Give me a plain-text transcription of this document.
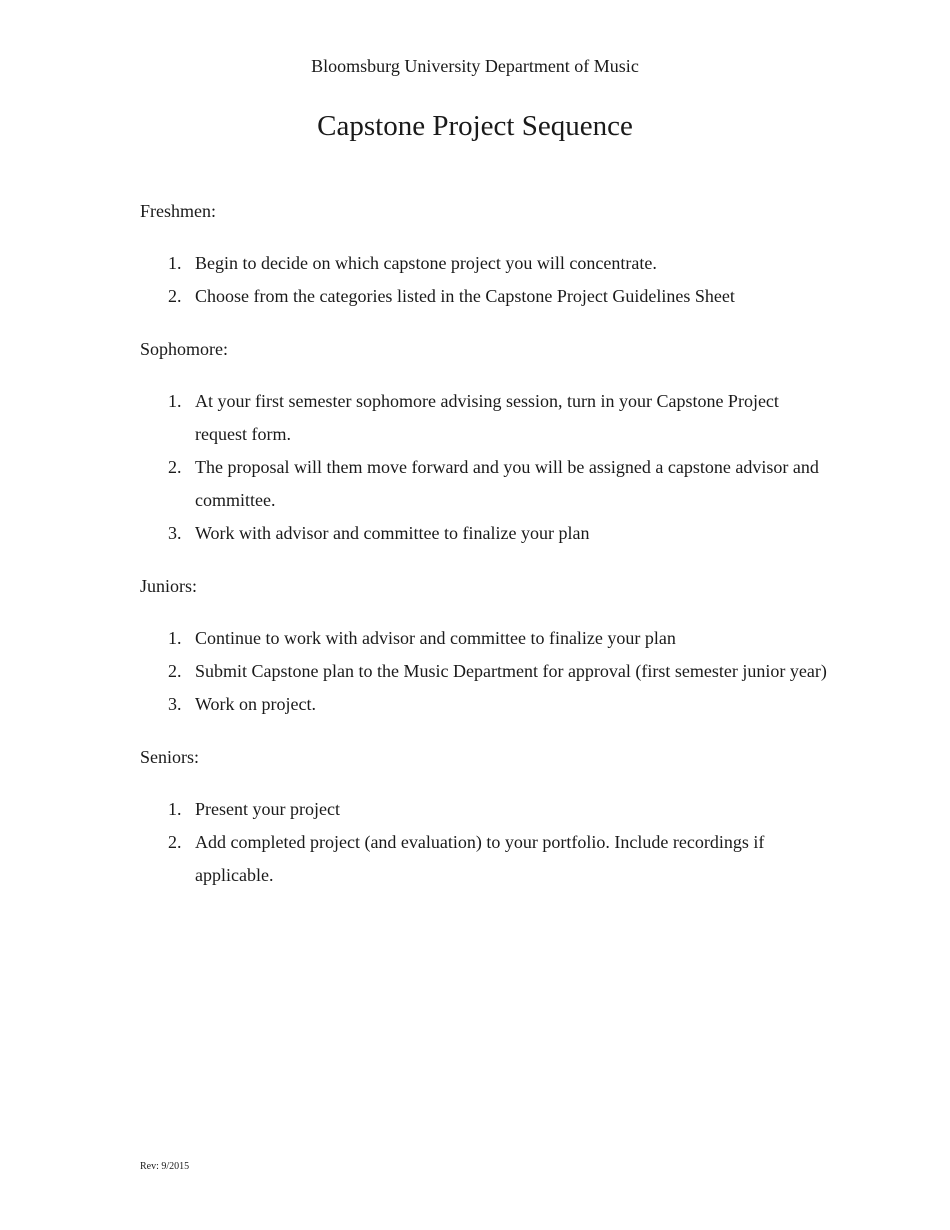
Bloomsburg University Department of Music
Capstone Project Sequence

Freshmen:

1. Begin to decide on which capstone project you will concentrate.
2. Choose from the categories listed in the Capstone Project Guidelines Sheet

Sophomore:

1. At your first semester sophomore advising session, turn in your Capstone Project request form.
2. The proposal will them move forward and you will be assigned a capstone advisor and committee.
3. Work with advisor and committee to finalize your plan

Juniors:

1. Continue to work with advisor and committee to finalize your plan
2. Submit Capstone plan to the Music Department for approval (first semester junior year)
3. Work on project.

Seniors:

1. Present your project
2. Add completed project (and evaluation) to your portfolio. Include recordings if applicable.
Rev: 9/2015
